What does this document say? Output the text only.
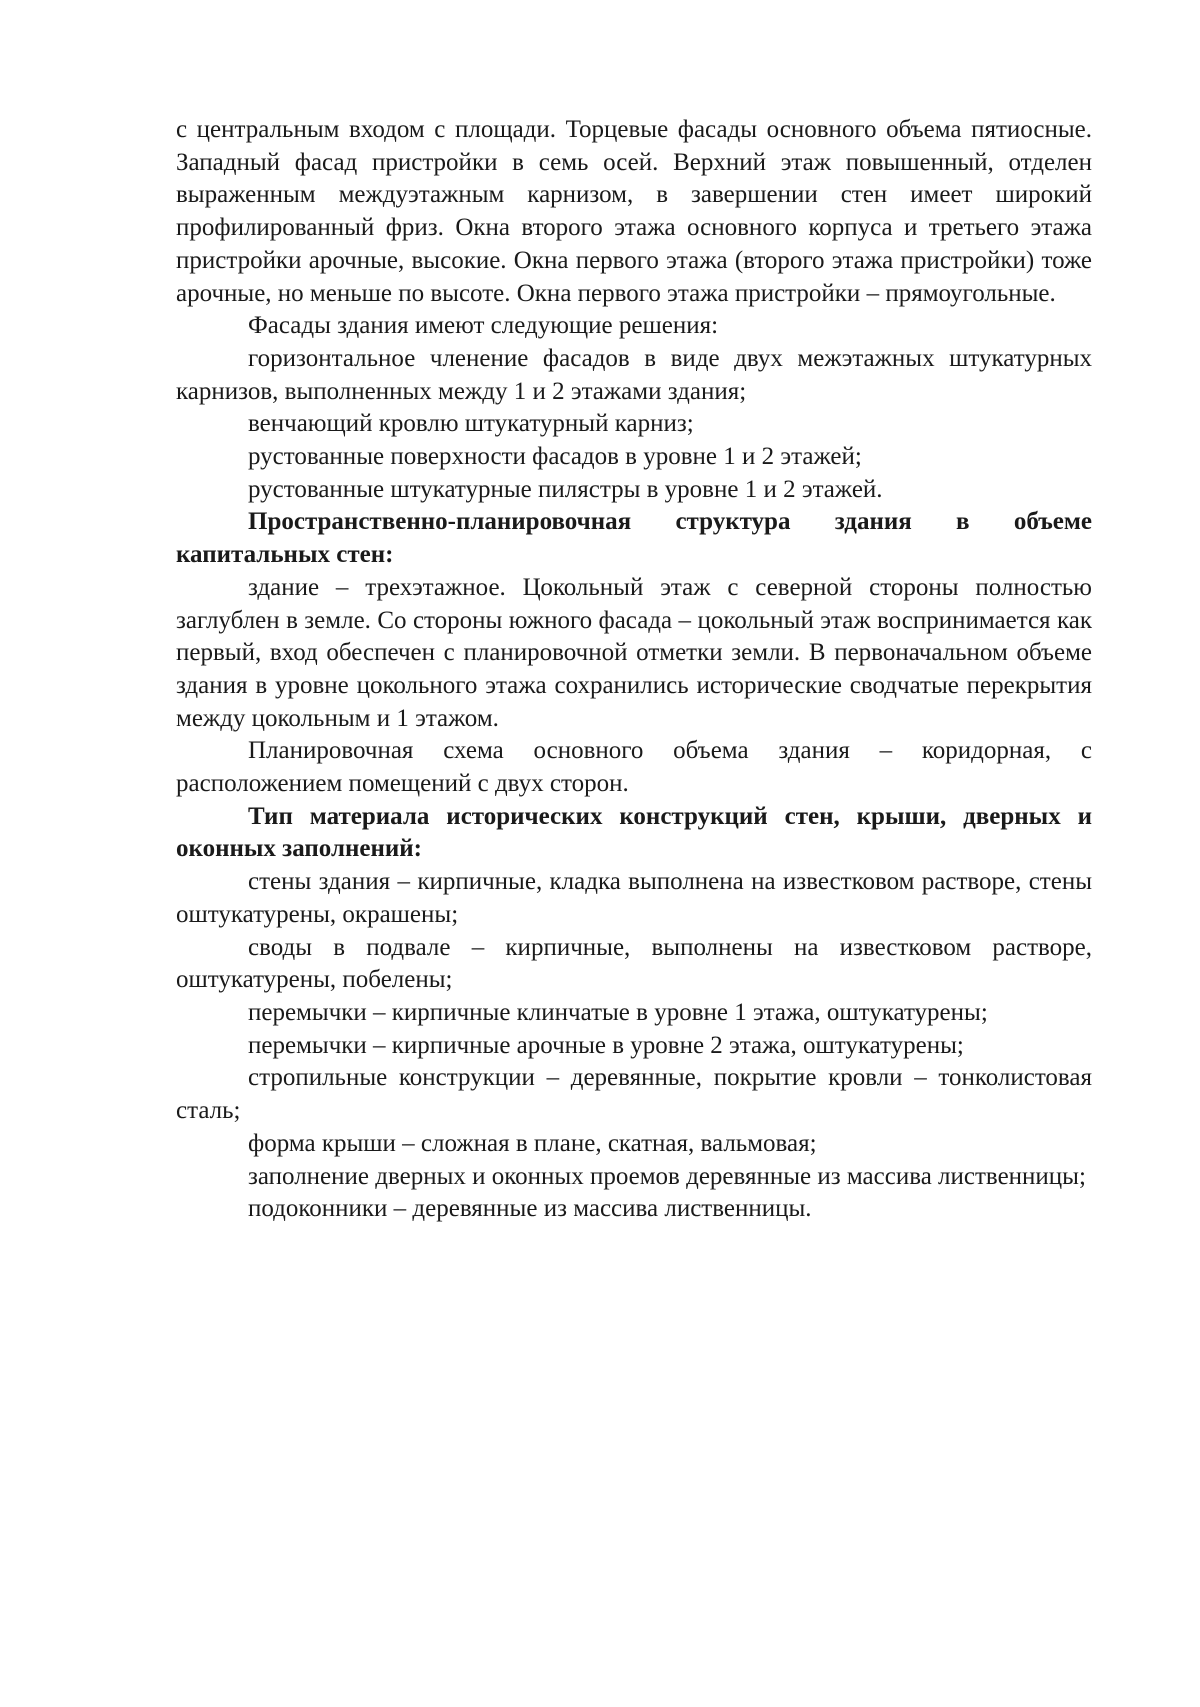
с центральным входом с площади. Торцевые фасады основного объема пятиосные. Западный фасад пристройки в семь осей. Верхний этаж повышенный, отделен выраженным междуэтажным карнизом, в завершении стен имеет широкий профилированный фриз. Окна второго этажа основного корпуса и третьего этажа пристройки арочные, высокие. Окна первого этажа (второго этажа пристройки) тоже арочные, но меньше по высоте. Окна первого этажа пристройки – прямоугольные.

Фасады здания имеют следующие решения:

горизонтальное членение фасадов в виде двух межэтажных штукатурных карнизов, выполненных между 1 и 2 этажами здания;

венчающий кровлю штукатурный карниз;

рустованные поверхности фасадов в уровне 1 и 2 этажей;

рустованные штукатурные пилястры в уровне 1 и 2 этажей.

Пространственно-планировочная структура здания в объеме капитальных стен:

здание – трехэтажное. Цокольный этаж с северной стороны полностью заглублен в земле. Со стороны южного фасада – цокольный этаж воспринимается как первый, вход обеспечен с планировочной отметки земли. В первоначальном объеме здания в уровне цокольного этажа сохранились исторические сводчатые перекрытия между цокольным и 1 этажом.

Планировочная схема основного объема здания – коридорная, с расположением помещений с двух сторон.

Тип материала исторических конструкций стен, крыши, дверных и оконных заполнений:

стены здания – кирпичные, кладка выполнена на известковом растворе, стены оштукатурены, окрашены;

своды в подвале – кирпичные, выполнены на известковом растворе, оштукатурены, побелены;

перемычки – кирпичные клинчатые в уровне 1 этажа, оштукатурены;

перемычки – кирпичные арочные в уровне 2 этажа, оштукатурены;

стропильные конструкции – деревянные, покрытие кровли – тонколистовая сталь;

форма крыши – сложная в плане, скатная, вальмовая;

заполнение дверных и оконных проемов деревянные из массива лиственницы;

подоконники – деревянные из массива лиственницы.
